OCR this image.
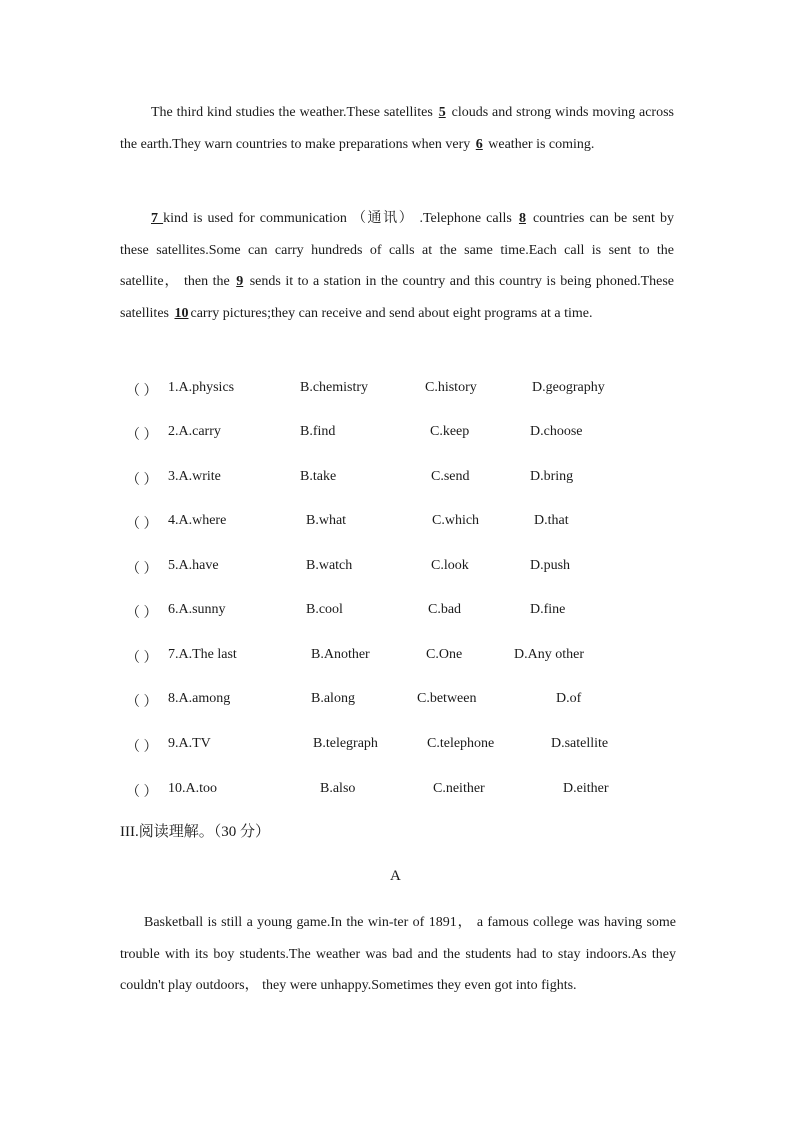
The third kind studies the weather.These satellites 5 clouds and strong winds moving across the earth.They warn countries to make preparations when very 6 weather is coming.

7 kind is used for communication （通讯） .Telephone calls 8 countries can be sent by these satellites.Some can carry hundreds of calls at the same time.Each call is sent to the satellite， then the 9 sends it to a station in the country and this country is being phoned.These satellites 10 carry pictures;they can receive and send about eight programs at a time.

（ ） 1.A.physics	B.chemistry	C.history	D.geography
（ ） 2.A.carry	B.find	C.keep	D.choose
（ ） 3.A.write	B.take	C.send	D.bring
（ ） 4.A.where	B.what	C.which	D.that
（ ） 5.A.have	B.watch	C.look	D.push
（ ） 6.A.sunny	B.cool	C.bad	D.fine
（ ） 7.A.The last	B.Another	C.One	D.Any other
（ ） 8.A.among	B.along	C.between	D.of
（ ） 9.A.TV	B.telegraph	C.telephone	D.satellite
（ ） 10.A.too	B.also	C.neither	D.either
III.阅读理解。（30 分）
A

Basketball is still a young game.In the win-ter of 1891， a famous college was having some trouble with its boy students.The weather was bad and the students had to stay indoors.As they couldn't play outdoors， they were unhappy.Sometimes they even got into fights.
